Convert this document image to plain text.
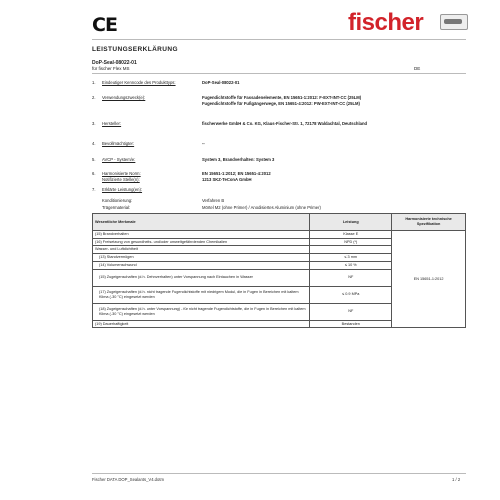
CE	fischer
LEISTUNGSERKLÄRUNG
DoP-Seal-08022-01
für fischer Flex MS	DE
1.	Eindeutiger Kenncode des Produkttyps:	DoP-Seal-08022-01
2.	Verwendungszweck(e):	Fugendichtstoffe für Fassadenelemente, EN 15651-1:2012: F-EXT-INT-CC (25LM)
Fugendichtstoffe für Fußgängerwege, EN 15651-4:2012: PW-EXT-INT-CC (25LM)
3.	Hersteller:	fischerwerke GmbH & Co. KG, Klaus-Fischer-Str. 1, 72178 Waldachtal, Deutschland
4.	Bevollmächtigter:	--
5.	AVCP - System/e:	System 3, Brandverhalten: System 3
6.	Harmonisierte Norm:	EN 15651-1:2012; EN 15651-4:2012
Notifizierte Stelle(n):	1213 SKZ-TeConA GmbH
7.	Erklärte Leistung(en):
Konditionierung:	Verfahren B
Trägermaterial:	Mörtel M2 (ohne Primer) / Anodisiertes Aluminium (ohne Primer)
Wesentliche Merkmale	Leistung	Harmonisierte technische Spezifikation
(15) Brandverhalten	Klasse E	EN 15651-1:2012
(16) Freisetzung von gesundheits- und/oder umweltgefährdenden Chemikalien	NPD (*)	
Wasser- und Luftdichtheit		
(13) Standvermögen	≤ 3 mm	
(14) Volumenschwund	≤ 10 %	
(15) Zugeigenschaften (d.h. Dehnverhalten) unter Vorspannung nach Eintauchen in Wasser	NF	
(17) Zugeigenschaften (d.h. nicht tragende Fugendichtstoffe mit niedrigem Modul, die in Fugen in Bereichen mit kaltem Klima (-30 °C) eingesetzt werden	≤ 0.9 MPa	
(18) Zugeigenschaften (d.h. unter Vorspannung) - für nicht tragende Fugendichtstoffe, die in Fugen in Bereichen mit kaltem Klima (-30 °C) eingesetzt werden	NF	
(19) Dauerhaftigkeit	Bestanden	
Fischer DATA DOP_Sealants_V4.dotm	1 / 2
